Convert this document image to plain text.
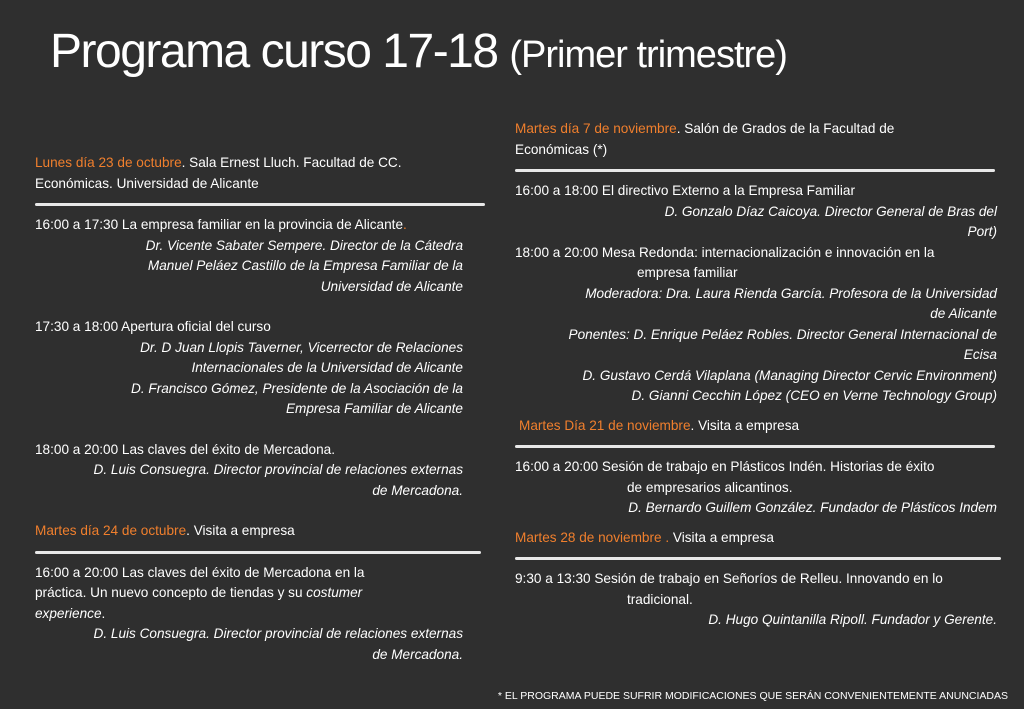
Programa curso 17-18 (Primer trimestre)
Lunes día 23 de octubre. Sala Ernest Lluch. Facultad de CC.
Económicas. Universidad de Alicante
16:00 a 17:30 La empresa familiar en la provincia de Alicante.
Dr. Vicente Sabater Sempere. Director de la Cátedra
Manuel Peláez Castillo de la Empresa Familiar de la
Universidad de Alicante
17:30 a 18:00 Apertura oficial del curso
Dr. D Juan Llopis Taverner, Vicerrector de Relaciones
Internacionales de la Universidad de Alicante
D. Francisco Gómez, Presidente de la Asociación de la
Empresa Familiar de Alicante
18:00 a 20:00 Las claves del éxito de Mercadona.
D. Luis Consuegra. Director provincial de relaciones externas
de Mercadona.
Martes día 24 de octubre. Visita a empresa
16:00 a 20:00 Las claves del éxito de Mercadona en la
práctica. Un nuevo concepto de tiendas y su costumer
experience.
D. Luis Consuegra. Director provincial de relaciones externas
de Mercadona.
Martes día 7 de noviembre. Salón de Grados de la Facultad de
Económicas (*)
16:00 a 18:00 El directivo Externo a la Empresa Familiar
D. Gonzalo Díaz Caicoya. Director General de Bras del
Port)
18:00 a 20:00 Mesa Redonda: internacionalización e innovación en la
empresa familiar
Moderadora: Dra. Laura Rienda García. Profesora de la Universidad
de Alicante
Ponentes: D. Enrique Peláez Robles. Director General Internacional de
Ecisa
D. Gustavo Cerdá Vilaplana (Managing Director Cervic Environment)
D. Gianni Cecchin López (CEO en Verne Technology Group)
Martes Día 21 de noviembre. Visita a empresa
16:00 a 20:00 Sesión de trabajo en Plásticos Indén. Historias de éxito
de empresarios alicantinos.
D. Bernardo Guillem González. Fundador de Plásticos Indem
Martes 28 de noviembre . Visita a empresa
9:30 a 13:30 Sesión de trabajo en Señoríos de Relleu. Innovando en lo
tradicional.
D. Hugo Quintanilla Ripoll. Fundador y Gerente.
* EL PROGRAMA PUEDE SUFRIR MODIFICACIONES QUE SERÁN CONVENIENTEMENTE ANUNCIADAS
